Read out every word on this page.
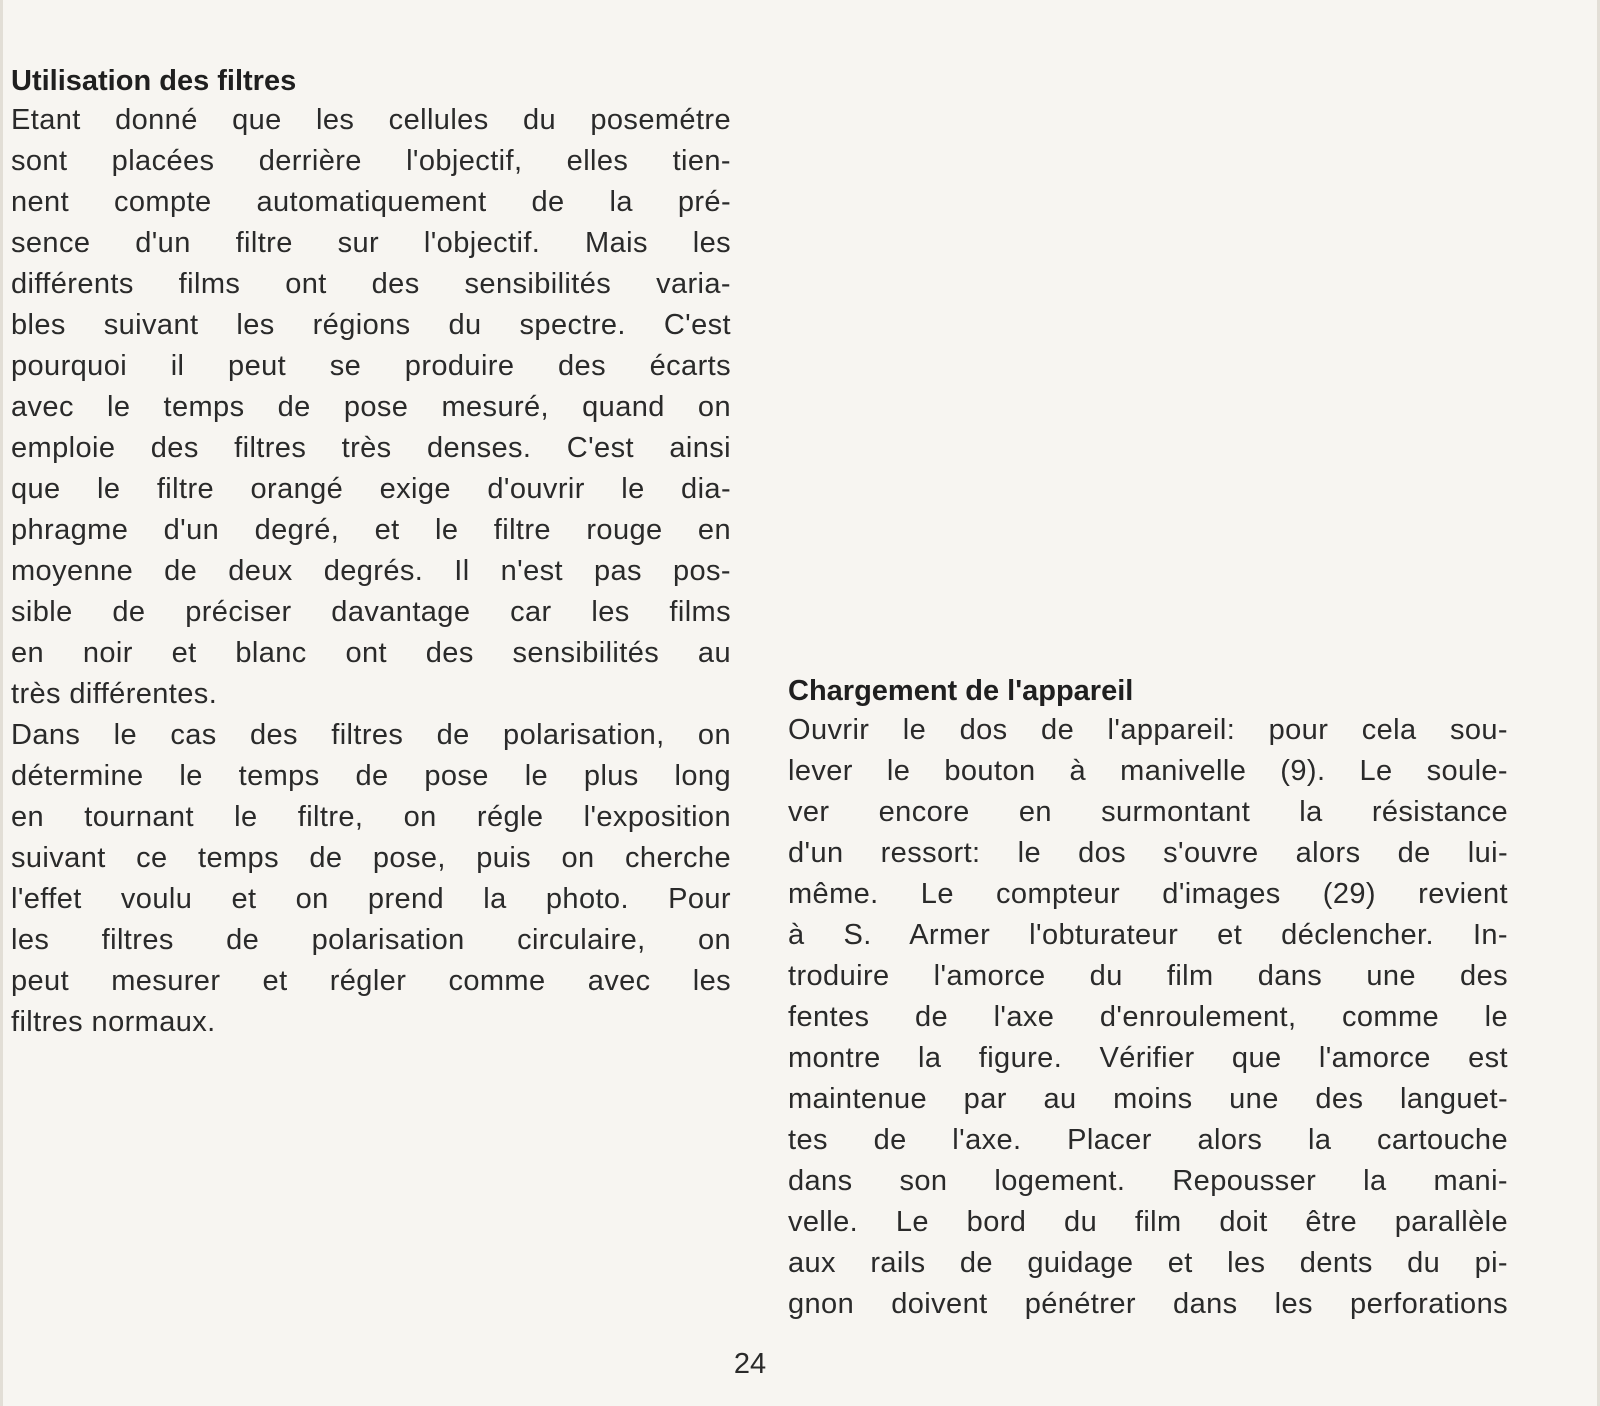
Utilisation des filtres
Etant donné que les cellules du posemétre
sont placées derrière l'objectif, elles tien-
nent compte automatiquement de la pré-
sence d'un filtre sur l'objectif. Mais les
différents films ont des sensibilités varia-
bles suivant les régions du spectre. C'est
pourquoi il peut se produire des écarts
avec le temps de pose mesuré, quand on
emploie des filtres très denses. C'est ainsi
que le filtre orangé exige d'ouvrir le dia-
phragme d'un degré, et le filtre rouge en
moyenne de deux degrés. Il n'est pas pos-
sible de préciser davantage car les films
en noir et blanc ont des sensibilités au
très différentes.
Dans le cas des filtres de polarisation, on
détermine le temps de pose le plus long
en tournant le filtre, on régle l'exposition
suivant ce temps de pose, puis on cherche
l'effet voulu et on prend la photo. Pour
les filtres de polarisation circulaire, on
peut mesurer et régler comme avec les
filtres normaux.
Chargement de l'appareil
Ouvrir le dos de l'appareil: pour cela sou-
lever le bouton à manivelle (9). Le soule-
ver encore en surmontant la résistance
d'un ressort: le dos s'ouvre alors de lui-
même. Le compteur d'images (29) revient
à S. Armer l'obturateur et déclencher. In-
troduire l'amorce du film dans une des
fentes de l'axe d'enroulement, comme le
montre la figure. Vérifier que l'amorce est
maintenue par au moins une des languet-
tes de l'axe. Placer alors la cartouche
dans son logement. Repousser la mani-
velle. Le bord du film doit être parallèle
aux rails de guidage et les dents du pi-
gnon doivent pénétrer dans les perforations
24
